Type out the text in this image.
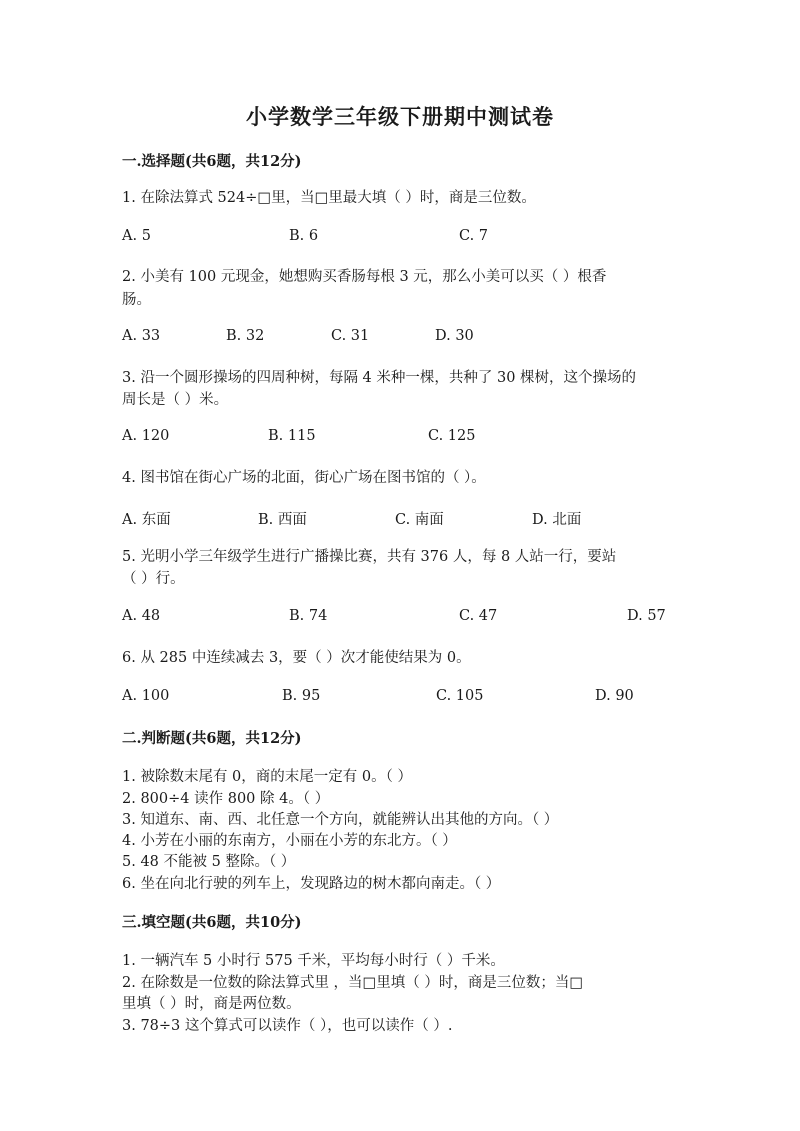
小学数学三年级下册期中测试卷
一.选择题(共6题，共12分)
1. 在除法算式 524÷□里，当□里最大填（ ）时，商是三位数。
A. 5	B. 6	C. 7
2. 小美有 100 元现金，她想购买香肠每根 3 元，那么小美可以买（ ）根香
肠。
A. 33	B. 32	C. 31	D. 30
3. 沿一个圆形操场的四周种树，每隔 4 米种一棵，共种了 30 棵树，这个操场的
周长是（ ）米。
A. 120	B. 115	C. 125
4. 图书馆在街心广场的北面，街心广场在图书馆的（ ）。
A. 东面	B. 西面	C. 南面	D. 北面
5. 光明小学三年级学生进行广播操比赛，共有 376 人，每 8 人站一行，要站
（ ）行。
A. 48	B. 74	C. 47	D. 57
6. 从 285 中连续减去 3，要（ ）次才能使结果为 0。
A. 100	B. 95	C. 105	D. 90
二.判断题(共6题，共12分)
1. 被除数末尾有 0，商的末尾一定有 0。（ ）
2. 800÷4 读作 800 除 4。（ ）
3. 知道东、南、西、北任意一个方向，就能辨认出其他的方向。（ ）
4. 小芳在小丽的东南方，小丽在小芳的东北方。（ ）
5. 48 不能被 5 整除。（ ）
6. 坐在向北行驶的列车上，发现路边的树木都向南走。（ ）
三.填空题(共6题，共10分)
1. 一辆汽车 5 小时行 575 千米，平均每小时行（ ）千米。
2. 在除数是一位数的除法算式里 ，当□里填（ ）时，商是三位数；当□
里填（ ）时，商是两位数。
3. 78÷3 这个算式可以读作（ ），也可以读作（ ）.
